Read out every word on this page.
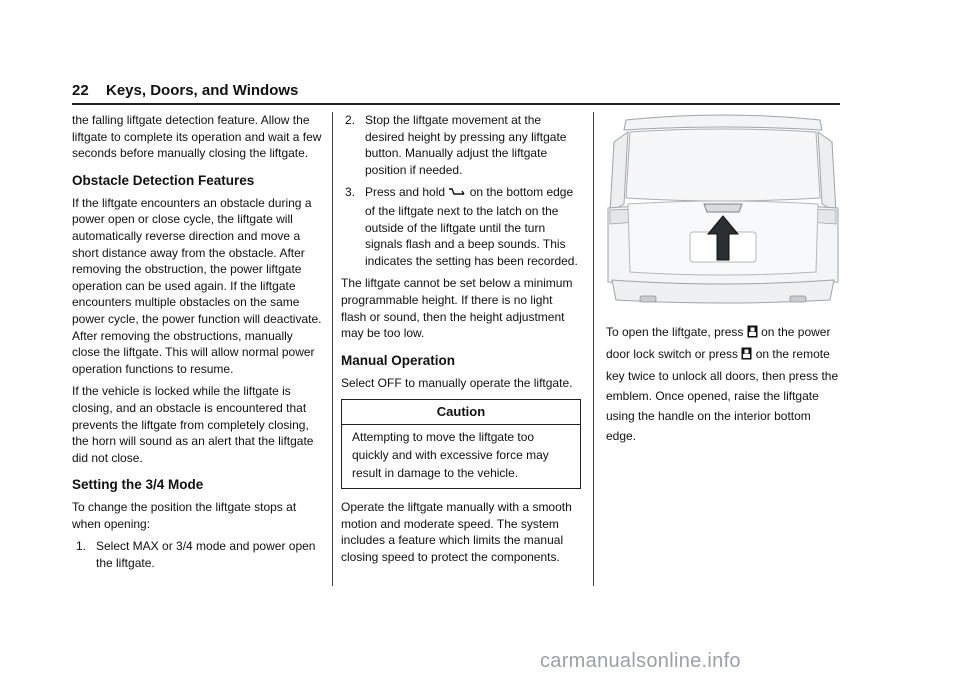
22 Keys, Doors, and Windows

the falling liftgate detection feature. Allow the liftgate to complete its operation and wait a few seconds before manually closing the liftgate.

Obstacle Detection Features

If the liftgate encounters an obstacle during a power open or close cycle, the liftgate will automatically reverse direction and move a short distance away from the obstacle. After removing the obstruction, the power liftgate operation can be used again. If the liftgate encounters multiple obstacles on the same power cycle, the power function will deactivate. After removing the obstructions, manually close the liftgate. This will allow normal power operation functions to resume.

If the vehicle is locked while the liftgate is closing, and an obstacle is encountered that prevents the liftgate from completely closing, the horn will sound as an alert that the liftgate did not close.

Setting the 3/4 Mode

To change the position the liftgate stops at when opening:

1. Select MAX or 3/4 mode and power open the liftgate.
2. Stop the liftgate movement at the desired height by pressing any liftgate button. Manually adjust the liftgate position if needed.
3. Press and hold  on the bottom edge of the liftgate next to the latch on the outside of the liftgate until the turn signals flash and a beep sounds. This indicates the setting has been recorded.

The liftgate cannot be set below a minimum programmable height. If there is no light flash or sound, then the height adjustment may be too low.

Manual Operation

Select OFF to manually operate the liftgate.

Caution
Attempting to move the liftgate too quickly and with excessive force may result in damage to the vehicle.

Operate the liftgate manually with a smooth motion and moderate speed. The system includes a feature which limits the manual closing speed to protect the components.

To open the liftgate, press  on the power door lock switch or press  on the remote key twice to unlock all doors, then press the emblem. Once opened, raise the liftgate using the handle on the interior bottom edge.

carmanualsonline.info
